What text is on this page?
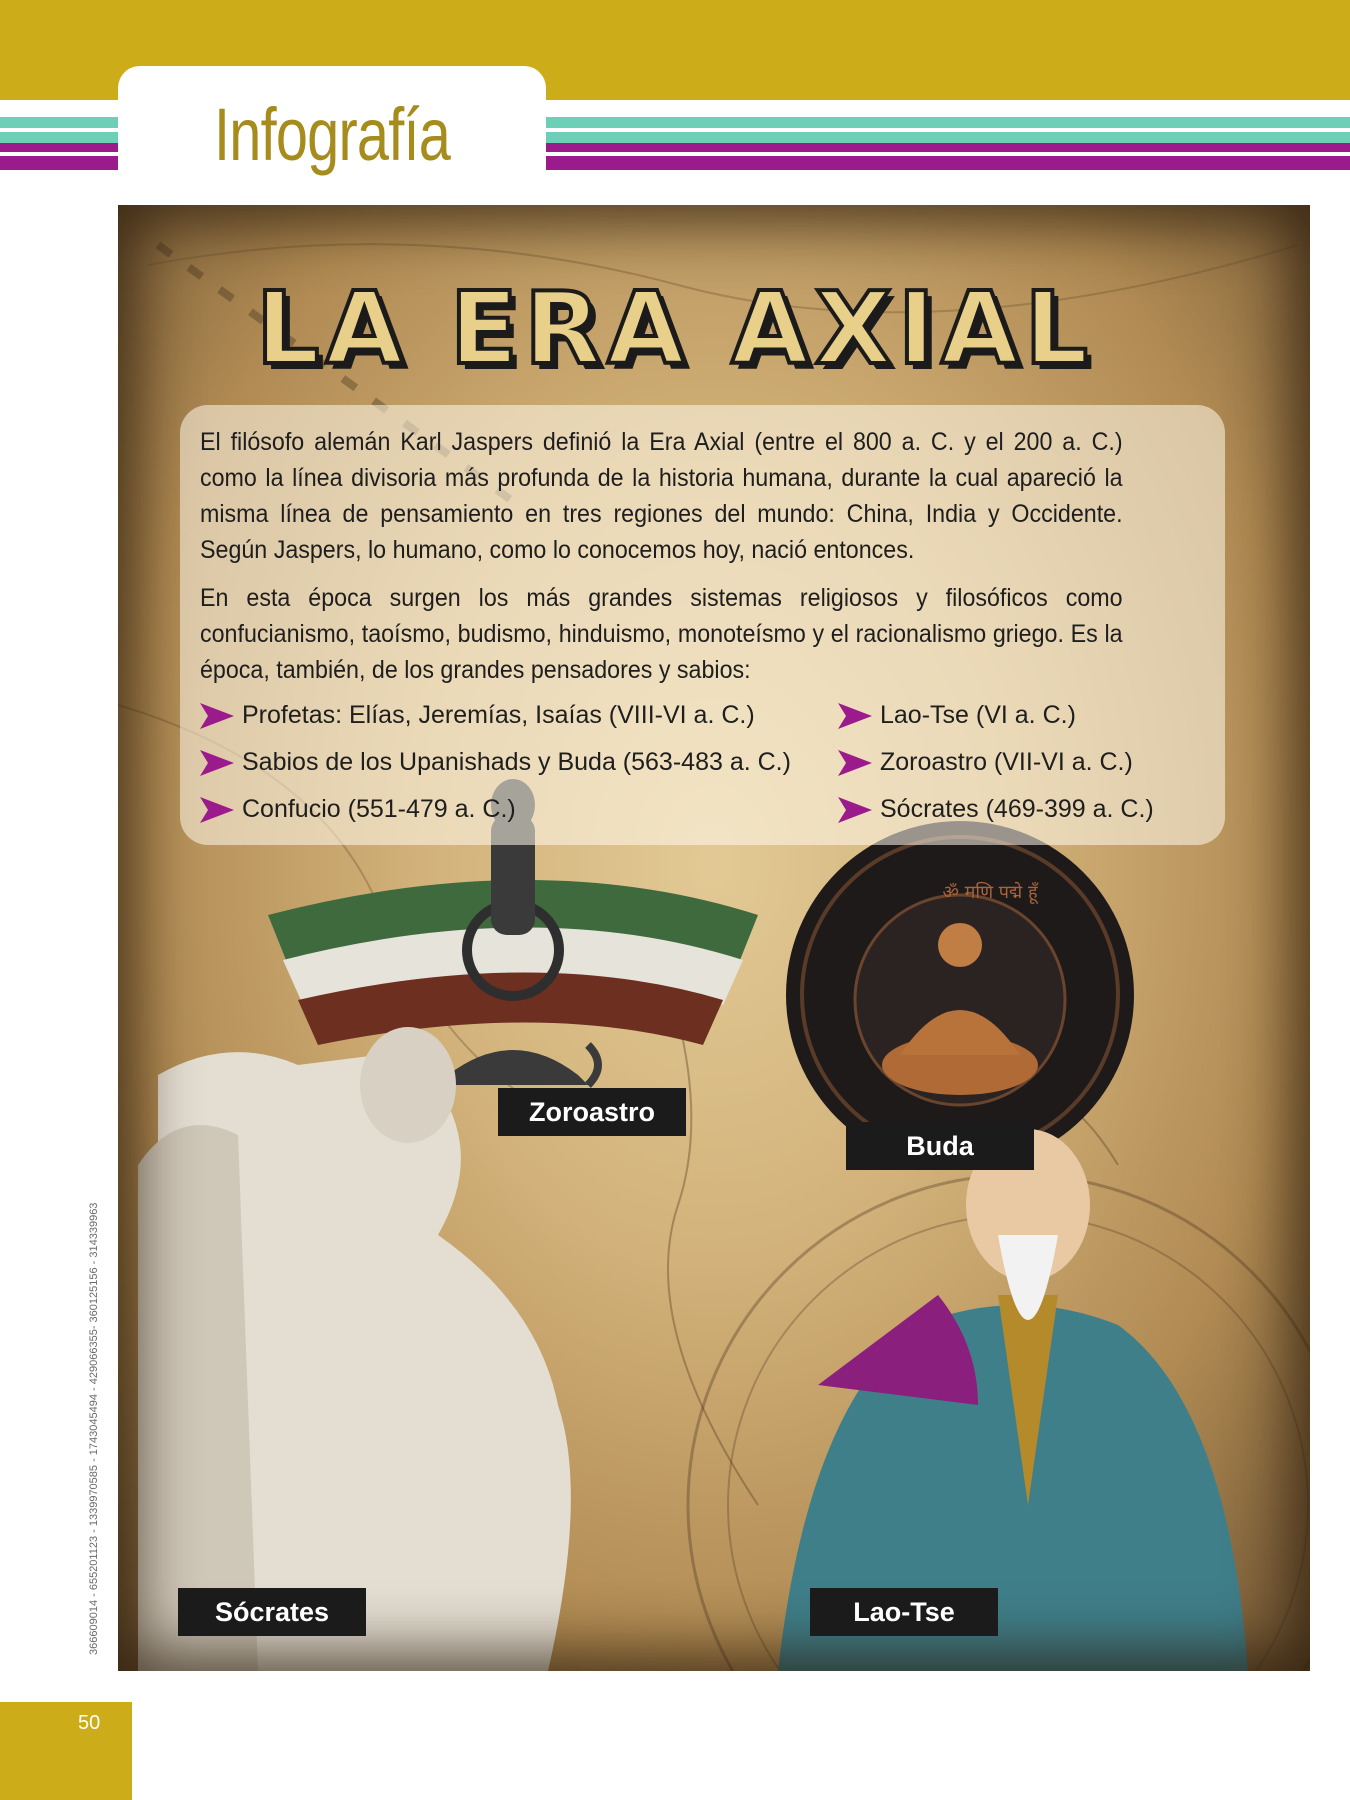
Infografía
LA ERA AXIAL
El filósofo alemán Karl Jaspers definió la Era Axial (entre el 800 a. C. y el 200 a. C.) como la línea divisoria más profunda de la historia humana, durante la cual apareció la misma línea de pensamiento en tres regiones del mundo: China, India y Occidente. Según Jaspers, lo humano, como lo conocemos hoy, nació entonces.
En esta época surgen los más grandes sistemas religiosos y filosóficos como confucianismo, taoísmo, budismo, hinduismo, monoteísmo y el racionalismo griego. Es la época, también, de los grandes pensadores y sabios:
Profetas: Elías, Jeremías, Isaías (VIII-VI a. C.)
Sabios de los Upanishads y Buda (563-483 a. C.)
Confucio (551-479 a. C.)
Lao-Tse (VI a. C.)
Zoroastro (VII-VI a. C.)
Sócrates (469-399 a. C.)
ॐ मणि पद्मे हूँ
Zoroastro
Buda
Sócrates	Lao-Tse
366609014 - 655201123 - 1339970585 - 1743045494 - 429066355- 360125156 - 314339963
50
